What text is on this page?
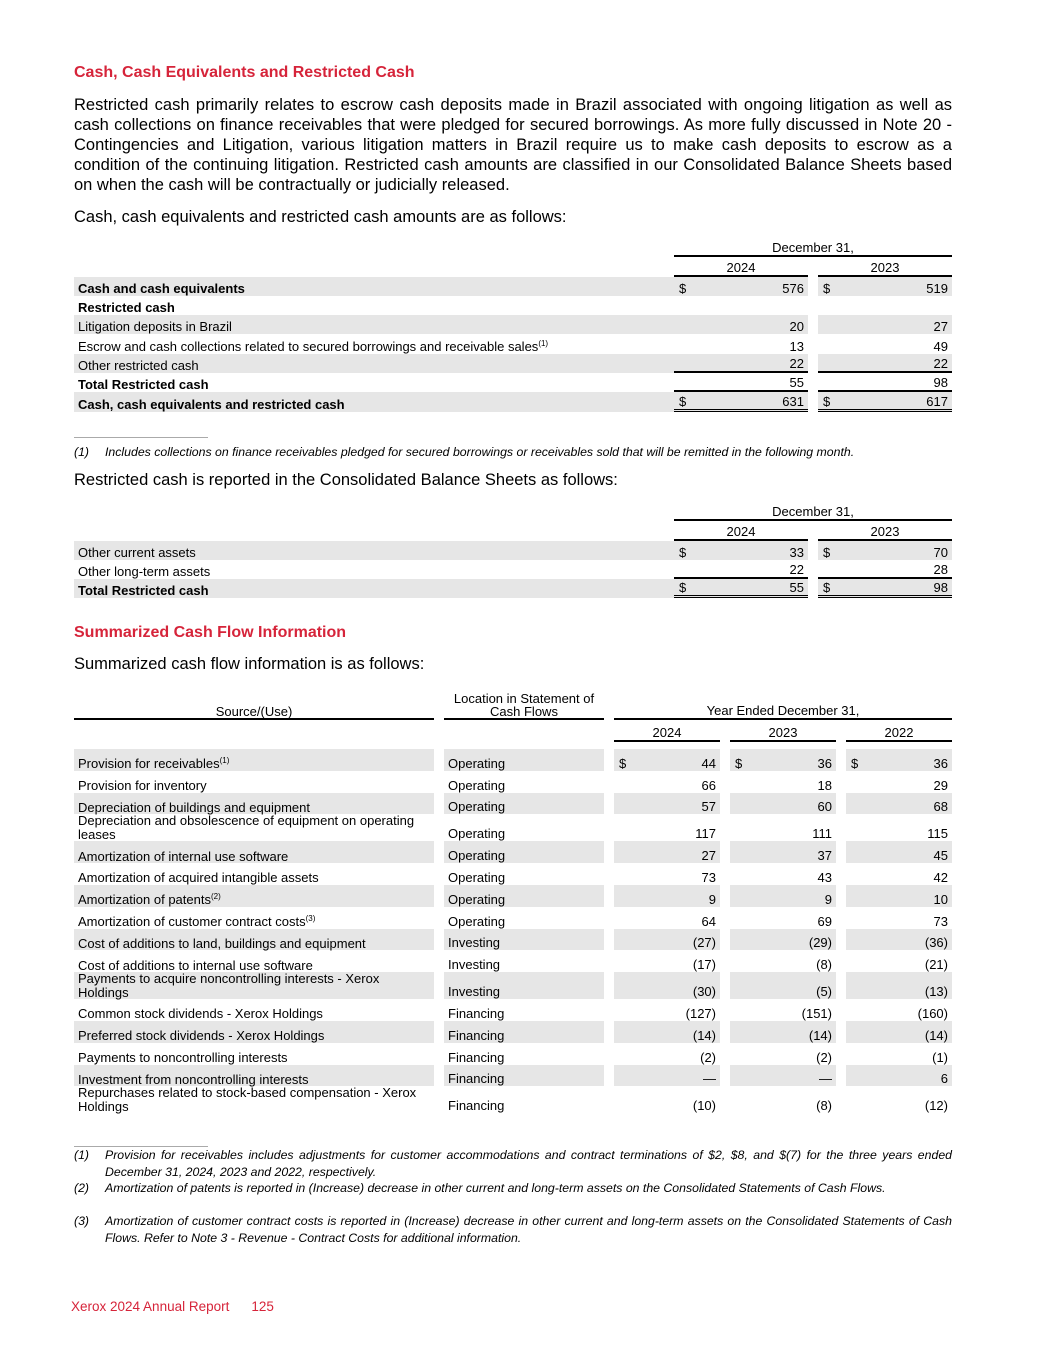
Cash, Cash Equivalents and Restricted Cash

Restricted cash primarily relates to escrow cash deposits made in Brazil associated with ongoing litigation as well as cash collections on finance receivables that were pledged for secured borrowings. As more fully discussed in Note 20 - Contingencies and Litigation, various litigation matters in Brazil require us to make cash deposits to escrow as a condition of the continuing litigation. Restricted cash amounts are classified in our Consolidated Balance Sheets based on when the cash will be contractually or judicially released.

Cash, cash equivalents and restricted cash amounts are as follows:

	December 31,				
	2024			2023	
Cash and cash equivalents	$	576		$	519
Restricted cash					
Litigation deposits in Brazil		20			27
Escrow and cash collections related to secured borrowings and receivable sales$^{(1)}$		13			49
Other restricted cash		22			22
Total Restricted cash		55			98
Cash, cash equivalents and restricted cash	$	631		$	617
(1) Includes collections on finance receivables pledged for secured borrowings or receivables sold that will be remitted in the following month.

Restricted cash is reported in the Consolidated Balance Sheets as follows:

	December 31,				
	2024			2023	
Other current assets	$	33		$	70
Other long-term assets		22			28
Total Restricted cash	$	55		$	98
Summarized Cash Flow Information

Summarized cash flow information is as follows:

Source/(Use)		Location in Statement of Cash Flows		Year Ended December 31,				
				2024		2023		2022
Provision for receivables$^{(1)}$		Operating		$	44		$	36		$	36
Provision for inventory		Operating			66			18			29
Depreciation of buildings and equipment		Operating			57			60			68
Depreciation and obsolescence of equipment on operating leases		Operating			117			111			115
Amortization of internal use software		Operating			27			37			45
Amortization of acquired intangible assets		Operating			73			43			42
Amortization of patents$^{(2)}$		Operating			9			9			10
Amortization of customer contract costs$^{(3)}$		Operating			64			69			73
Cost of additions to land, buildings and equipment		Investing			(27)			(29)			(36)
Cost of additions to internal use software		Investing			(17)			(8)			(21)
Payments to acquire noncontrolling interests - Xerox Holdings		Investing			(30)			(5)			(13)
Common stock dividends - Xerox Holdings		Financing			(127)			(151)			(160)
Preferred stock dividends - Xerox Holdings		Financing			(14)			(14)			(14)
Payments to noncontrolling interests		Financing			(2)			(2)			(1)
Investment from noncontrolling interests		Financing			—			—			6
Repurchases related to stock-based compensation - Xerox Holdings		Financing			(10)			(8)			(12)
(1) Provision for receivables includes adjustments for customer accommodations and contract terminations of $2, $8, and $(7) for the three years ended December 31, 2024, 2023 and 2022, respectively.
(2) Amortization of patents is reported in (Increase) decrease in other current and long-term assets on the Consolidated Statements of Cash Flows.
(3) Amortization of customer contract costs is reported in (Increase) decrease in other current and long-term assets on the Consolidated Statements of Cash Flows. Refer to Note 3 - Revenue - Contract Costs for additional information.
Xerox 2024 Annual Report 125
